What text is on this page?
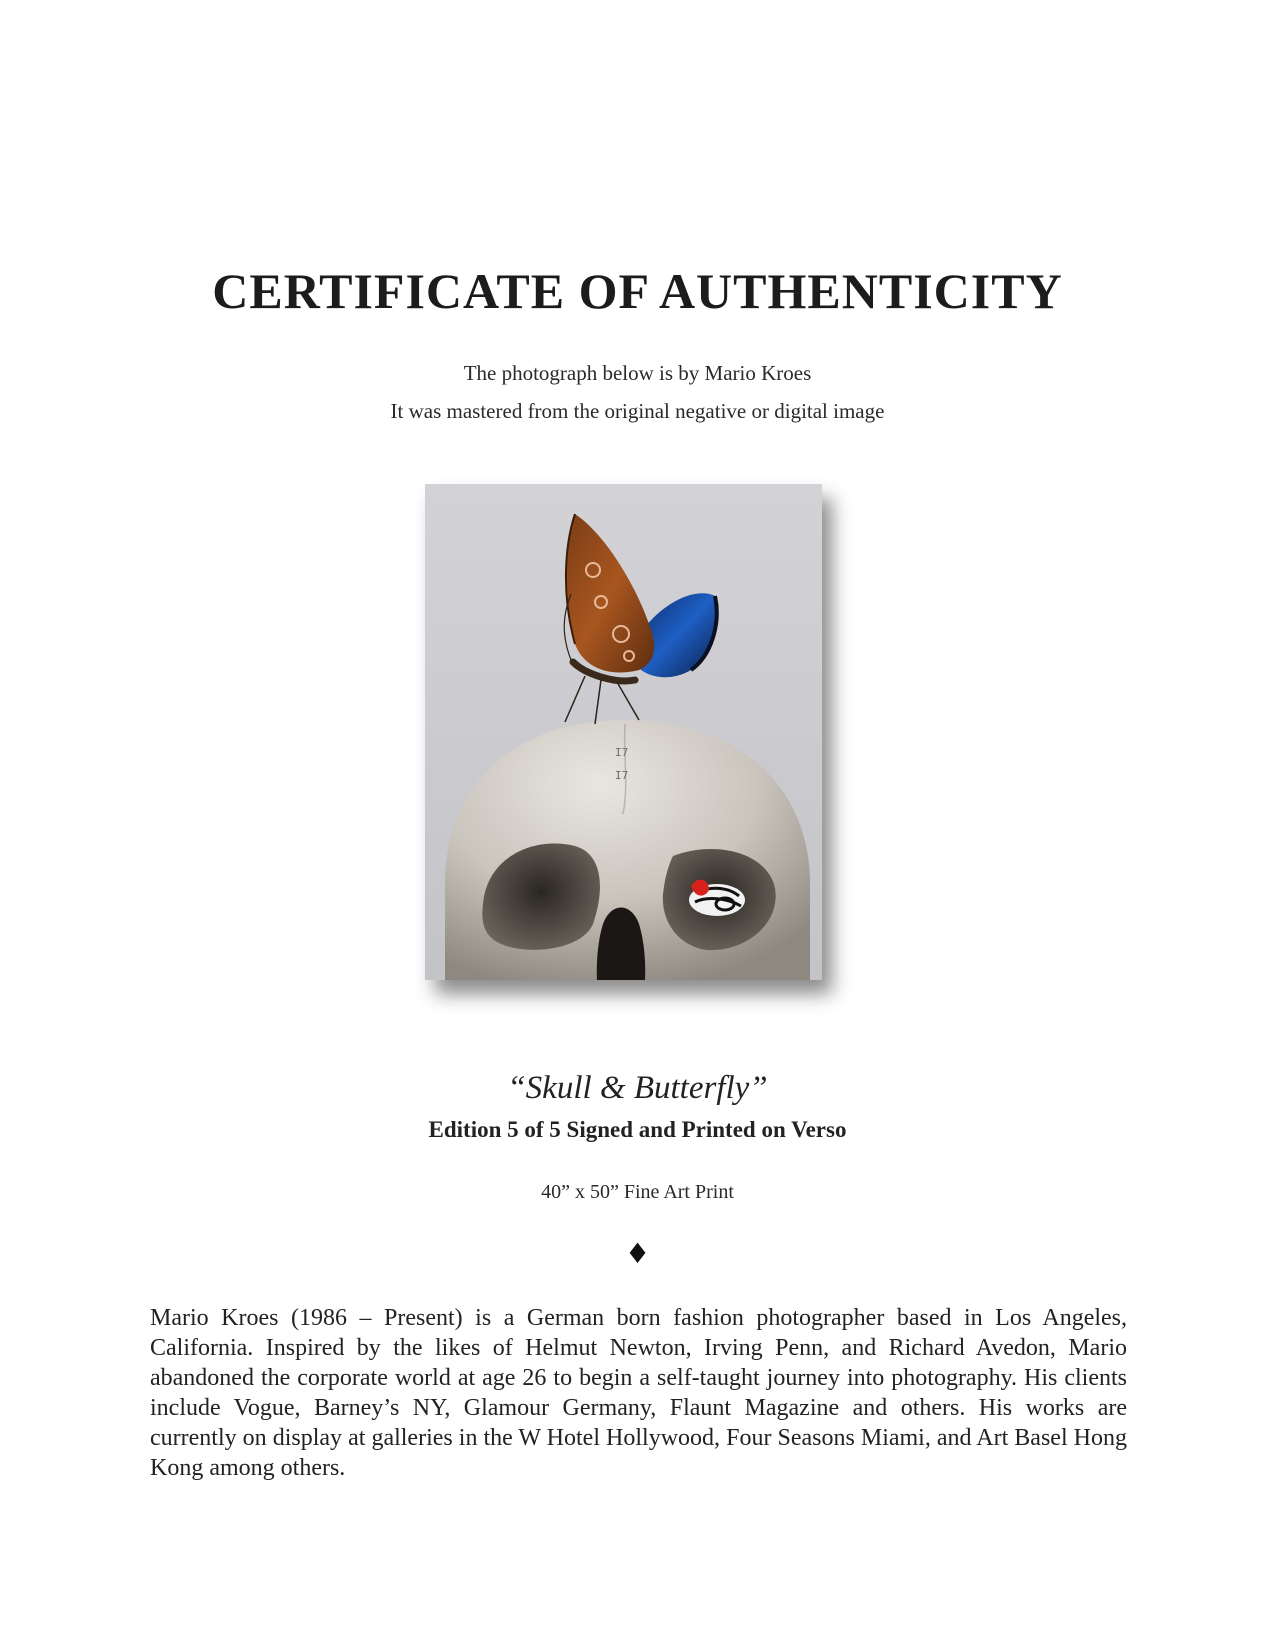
CERTIFICATE OF AUTHENTICITY
The photograph below is by Mario Kroes
It was mastered from the original negative or digital image
I7
I7
“Skull & Butterfly”
Edition 5 of 5 Signed and Printed on Verso
40” x 50” Fine Art Print
♦

Mario Kroes (1986 – Present) is a German born fashion photographer based in Los Angeles, California. Inspired by the likes of Helmut Newton, Irving Penn, and Richard Avedon, Mario abandoned the corporate world at age 26 to begin a self-taught journey into photography. His clients include Vogue, Barney’s NY, Glamour Germany, Flaunt Magazine and others. His works are currently on display at galleries in the W Hotel Hollywood, Four Seasons Miami, and Art Basel Hong Kong among others.
